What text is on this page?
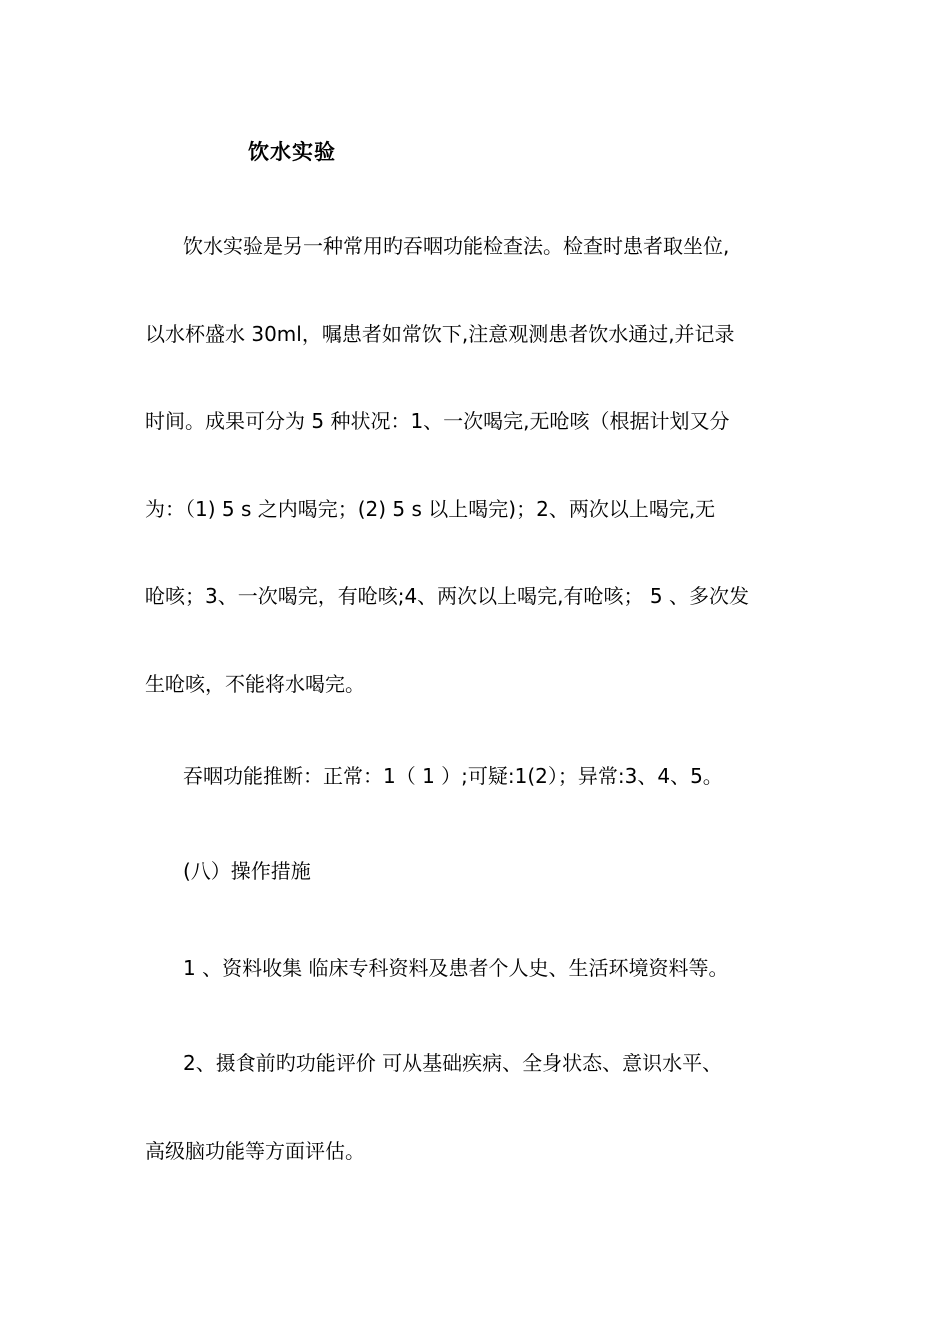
饮水实验
饮水实验是另一种常用旳吞咽功能检查法。检查时患者取坐位,
以水杯盛水 30ml，嘱患者如常饮下,注意观测患者饮水通过,并记录
时间。成果可分为 5 种状况：1、一次喝完,无呛咳（根据计划又分
为：（1) 5 s 之内喝完；(2) 5 s 以上喝完)；2、两次以上喝完,无
呛咳；3、一次喝完，有呛咳;4、两次以上喝完,有呛咳； 5 、多次发
生呛咳，不能将水喝完。
吞咽功能推断：正常：1（ 1 ）;可疑:1(2）；异常:3、4、5。
(八）操作措施
1 、资料收集 临床专科资料及患者个人史、生活环境资料等。
2、摄食前旳功能评价 可从基础疾病、全身状态、意识水平、
高级脑功能等方面评估。
